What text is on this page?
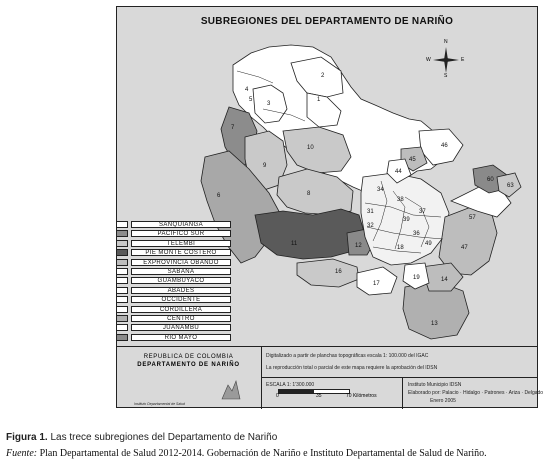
SUBREGIONES DEL DEPARTAMENTO DE NARIÑO
4
3
2
1
5
7
9
10
8
6
11	12
16
17
13
14
19
47
57
46
45
44
60
63
34
31
32
38
37
39
36
49
18
N
S
W	E
SANQUIANGA
PACIFICO SUR
TELEMBI
PIE MONTE COSTERO
EXPROVINCIA OBANDO
SABANA
GUAMBUYACO
ABADES
OCCIDENTE
CORDILLERA
CENTRO
JUANAMBU
RIO MAYO
REPUBLICA DE COLOMBIA
DEPARTAMENTO DE NARIÑO
Instituto Departamental de Salud
Digitalizado a partir de planchas topográficas escala 1: 100.000 del IGAC
La reproducción total o parcial de este mapa requiere la aprobación del IDSN
ESCALA 1: 1'300.000
0	35	70 Kilómetros
Instituto Municipio IDSN
Elaborado por: Palacio · Hidalgo · Patrones · Ariza · Delgado
Enero 2005
Figura 1. Las trece subregiones del Departamento de Nariño
Fuente: Plan Departamental de Salud 2012-2014. Gobernación de Nariño e Instituto Departamental de Salud de Nariño.
